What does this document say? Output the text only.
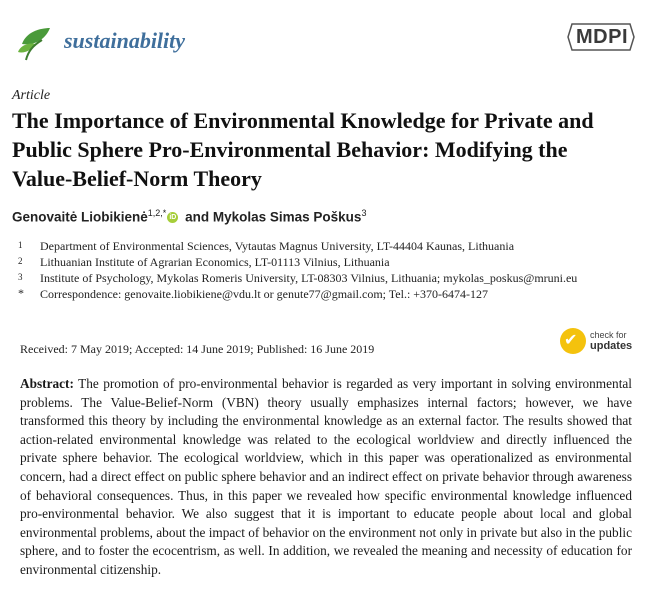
sustainability	MDPI
Article
The Importance of Environmental Knowledge for Private and Public Sphere Pro-Environmental Behavior: Modifying the Value-Belief-Norm Theory
Genovaitė Liobikienė$^{1,2,*}$ iD and Mykolas Simas Poškus$^3$
1	Department of Environmental Sciences, Vytautas Magnus University, LT-44404 Kaunas, Lithuania
2	Lithuanian Institute of Agrarian Economics, LT-01113 Vilnius, Lithuania
3	Institute of Psychology, Mykolas Romeris University, LT-08303 Vilnius, Lithuania; mykolas_poskus@mruni.eu
*	Correspondence: genovaite.liobikiene@vdu.lt or genute77@gmail.com; Tel.: +370-6474-127
Received: 7 May 2019; Accepted: 14 June 2019; Published: 16 June 2019	✔ check for
updates

Abstract: The promotion of pro-environmental behavior is regarded as very important in solving environmental problems. The Value-Belief-Norm (VBN) theory usually emphasizes internal factors; however, we have transformed this theory by including the environmental knowledge as an external factor. The results showed that action-related environmental knowledge was related to the ecological worldview and directly influenced the private sphere behavior. The ecological worldview, which in this paper was operationalized as environmental concern, had a direct effect on public sphere behavior and an indirect effect on private behavior through awareness of behavioral consequences. Thus, in this paper we revealed how specific environmental knowledge influenced pro-environmental behavior. We also suggest that it is important to educate people about local and global environmental problems, about the impact of behavior on the environment not only in private but also in the public sphere, and to foster the ecocentrism, as well. In addition, we revealed the meaning and necessity of education for environmental citizenship.
